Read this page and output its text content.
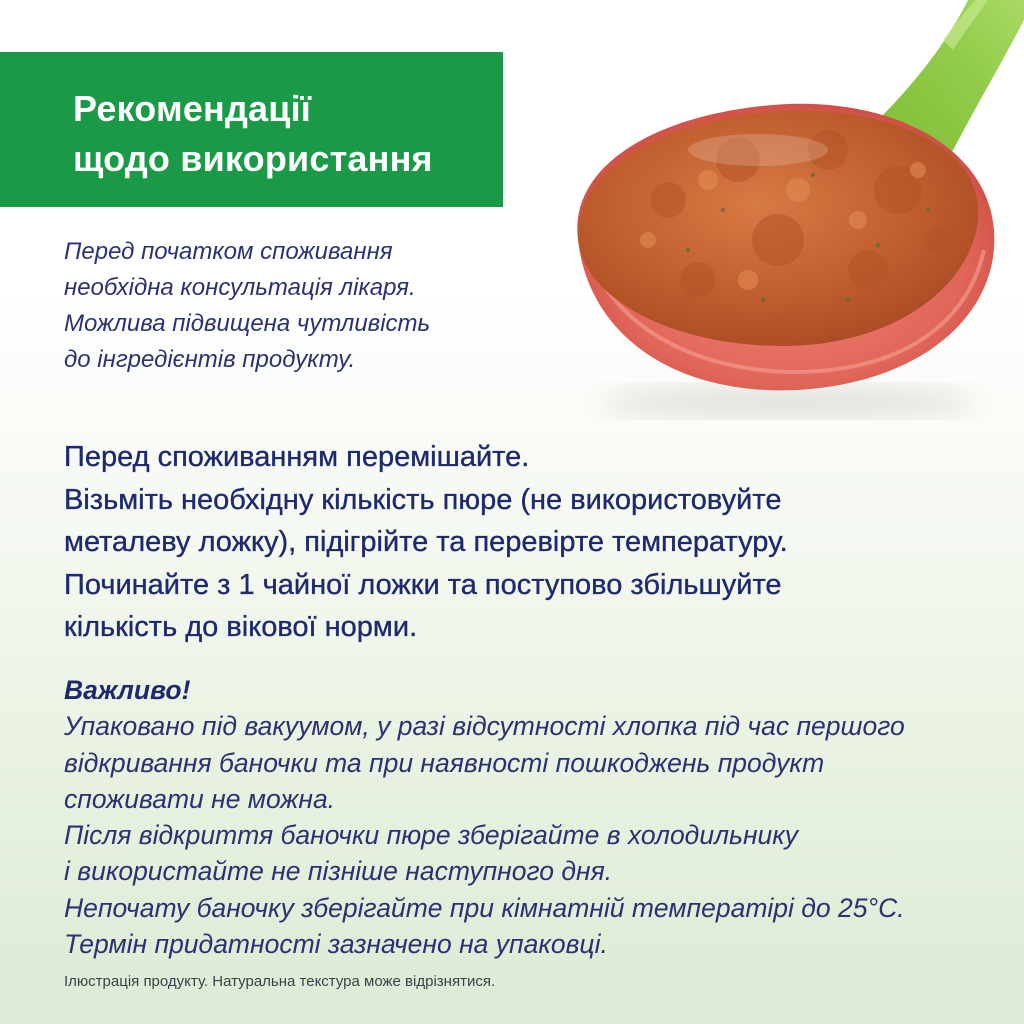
Рекомендації
щодо використання

Перед початком споживання
необхідна консультація лікаря.
Можлива підвищена чутливість
до інгредієнтів продукту.

Перед споживанням перемішайте.
Візьміть необхідну кількість пюре (не використовуйте
металеву ложку), підігрійте та перевірте температуру.
Починайте з 1 чайної ложки та поступово збільшуйте
кількість до вікової норми.

Важливо!
Упаковано під вакуумом, у разі відсутності хлопка під час першого
відкривання баночки та при наявності пошкоджень продукт
споживати не можна.
Після відкриття баночки пюре зберігайте в холодильнику
і використайте не пізніше наступного дня.
Непочату баночку зберігайте при кімнатній температірі до 25°C.
Термін придатності зазначено на упаковці.

Ілюстрація продукту. Натуральна текстура може відрізнятися.
